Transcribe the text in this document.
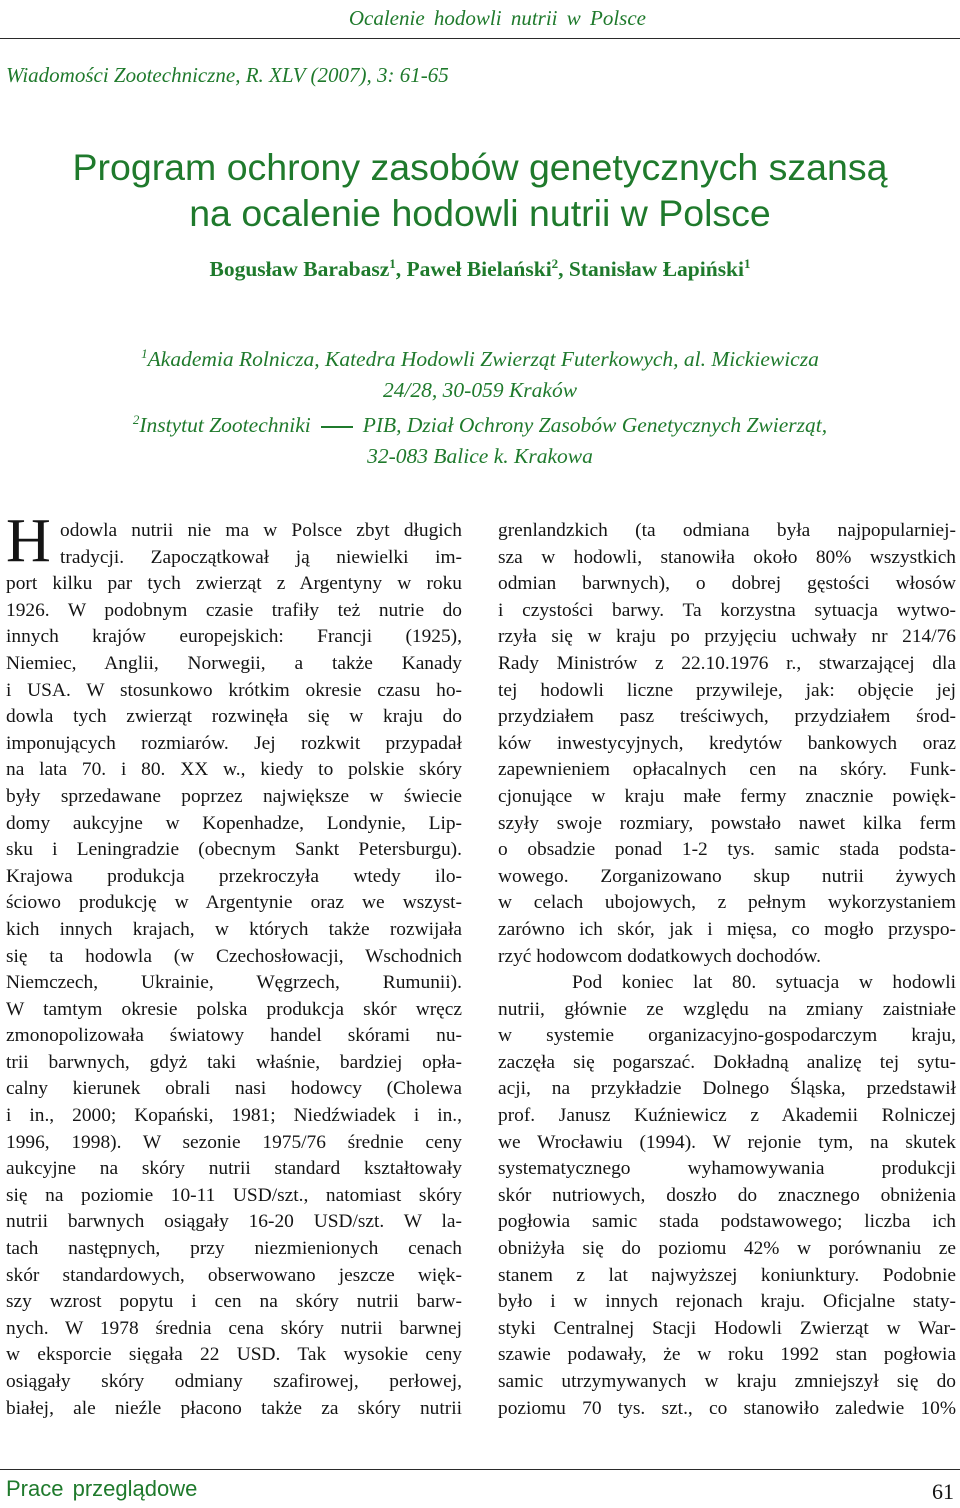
Ocalenie hodowli nutrii w Polsce
Wiadomości Zootechniczne, R. XLV (2007), 3: 61-65
Program ochrony zasobów genetycznych szansą
na ocalenie hodowli nutrii w Polsce
Bogusław Barabasz$^1$, Paweł Bielański$^2$, Stanisław Łapiński$^1$
$^1$Akademia Rolnicza, Katedra Hodowli Zwierząt Futerkowych, al. Mickiewicza
24/28, 30-059 Kraków
$^2$Instytut Zootechniki PIB, Dział Ochrony Zasobów Genetycznych Zwierząt,
32-083 Balice k. Krakowa
H odowla nutrii nie ma w Polsce zbyt długich
tradycji. Zapoczątkował ją niewielki im-
port kilku par tych zwierząt z Argentyny w roku
1926. W podobnym czasie trafiły też nutrie do
innych krajów europejskich: Francji (1925),
Niemiec, Anglii, Norwegii, a także Kanady
i USA. W stosunkowo krótkim okresie czasu ho-
dowla tych zwierząt rozwinęła się w kraju do
imponujących rozmiarów. Jej rozkwit przypadał
na lata 70. i 80. XX w., kiedy to polskie skóry
były sprzedawane poprzez największe w świecie
domy aukcyjne w Kopenhadze, Londynie, Lip-
sku i Leningradzie (obecnym Sankt Petersburgu).
Krajowa produkcja przekroczyła wtedy ilo-
ściowo produkcję w Argentynie oraz we wszyst-
kich innych krajach, w których także rozwijała
się ta hodowla (w Czechosłowacji, Wschodnich
Niemczech, Ukrainie, Węgrzech, Rumunii).
W tamtym okresie polska produkcja skór wręcz
zmonopolizowała światowy handel skórami nu-
trii barwnych, gdyż taki właśnie, bardziej opła-
calny kierunek obrali nasi hodowcy (Cholewa
i in., 2000; Kopański, 1981; Niedźwiadek i in.,
1996, 1998). W sezonie 1975/76 średnie ceny
aukcyjne na skóry nutrii standard kształtowały
się na poziomie 10-11 USD/szt., natomiast skóry
nutrii barwnych osiągały 16-20 USD/szt. W la-
tach następnych, przy niezmienionych cenach
skór standardowych, obserwowano jeszcze więk-
szy wzrost popytu i cen na skóry nutrii barw-
nych. W 1978 średnia cena skóry nutrii barwnej
w eksporcie sięgała 22 USD. Tak wysokie ceny
osiągały skóry odmiany szafirowej, perłowej,
białej, ale nieźle płacono także za skóry nutrii
grenlandzkich (ta odmiana była najpopularniej-
sza w hodowli, stanowiła około 80% wszystkich
odmian barwnych), o dobrej gęstości włosów
i czystości barwy. Ta korzystna sytuacja wytwo-
rzyła się w kraju po przyjęciu uchwały nr 214/76
Rady Ministrów z 22.10.1976 r., stwarzającej dla
tej hodowli liczne przywileje, jak: objęcie jej
przydziałem pasz treściwych, przydziałem środ-
ków inwestycyjnych, kredytów bankowych oraz
zapewnieniem opłacalnych cen na skóry. Funk-
cjonujące w kraju małe fermy znacznie powięk-
szyły swoje rozmiary, powstało nawet kilka ferm
o obsadzie ponad 1-2 tys. samic stada podsta-
wowego. Zorganizowano skup nutrii żywych
w celach ubojowych, z pełnym wykorzystaniem
zarówno ich skór, jak i mięsa, co mogło przyspo-
rzyć hodowcom dodatkowych dochodów.
Pod koniec lat 80. sytuacja w hodowli
nutrii, głównie ze względu na zmiany zaistniałe
w systemie organizacyjno-gospodarczym kraju,
zaczęła się pogarszać. Dokładną analizę tej sytu-
acji, na przykładzie Dolnego Śląska, przedstawił
prof. Janusz Kuźniewicz z Akademii Rolniczej
we Wrocławiu (1994). W rejonie tym, na skutek
systematycznego wyhamowywania produkcji
skór nutriowych, doszło do znacznego obniżenia
pogłowia samic stada podstawowego; liczba ich
obniżyła się do poziomu 42% w porównaniu ze
stanem z lat najwyższej koniunktury. Podobnie
było i w innych rejonach kraju. Oficjalne staty-
styki Centralnej Stacji Hodowli Zwierząt w War-
szawie podawały, że w roku 1992 stan pogłowia
samic utrzymywanych w kraju zmniejszył się do
poziomu 70 tys. szt., co stanowiło zaledwie 10%
Prace przeglądowe	61
